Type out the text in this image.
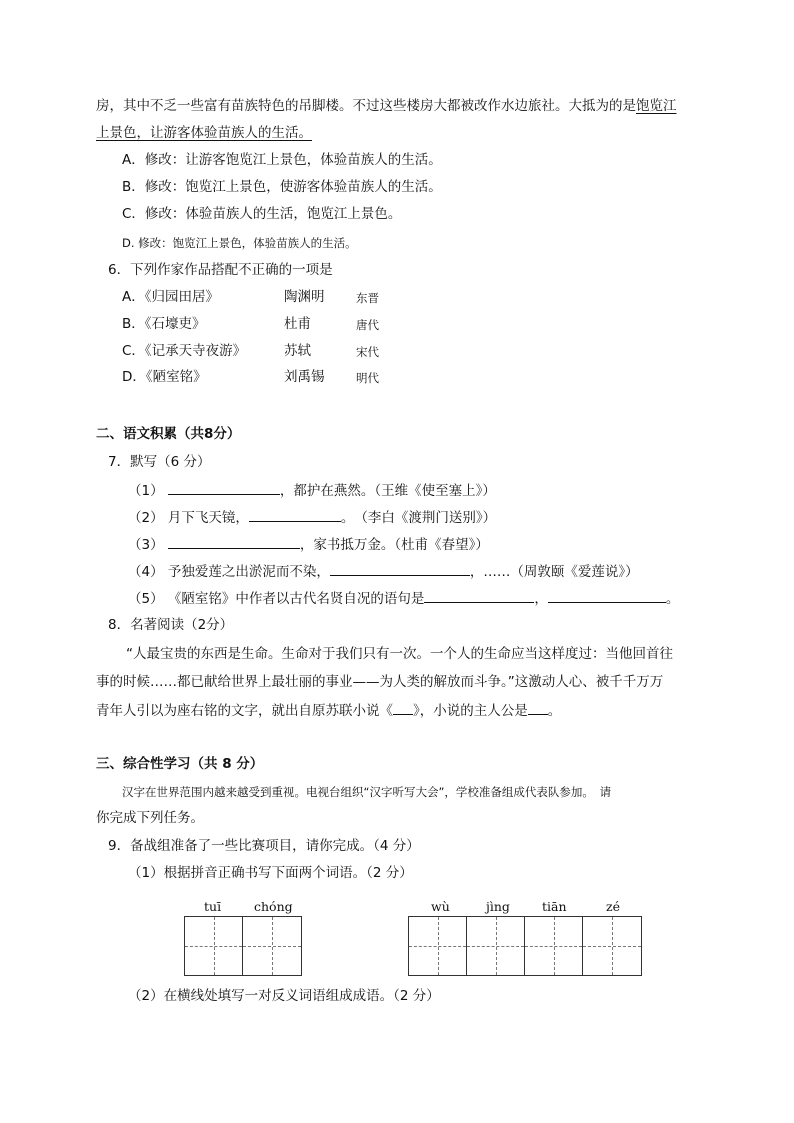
房，其中不乏一些富有苗族特色的吊脚楼。不过这些楼房大都被改作水边旅社。大抵为的是饱览江
上景色，让游客体验苗族人的生活。
A．修改：让游客饱览江上景色，体验苗族人的生活。
B．修改：饱览江上景色，使游客体验苗族人的生活。
C．修改：体验苗族人的生活，饱览江上景色。
D. 修改：饱览江上景色，体验苗族人的生活。
6．下列作家作品搭配不正确的一项是
A．《归园田居》	陶渊明	东晋
B．《石壕吏》	杜甫	唐代
C．《记承天寺夜游》	苏轼	宋代
D．《陋室铭》	刘禹锡	明代
二、语文积累（共8分）
7．默写（6 分）
（1）	，都护在燕然。（王维《使至塞上》）
（2） 月下飞天镜，	。　（李白《渡荆门送别》）
（3）	，家书抵万金。（杜甫《春望》）
（4） 予独爱莲之出淤泥而不染，	，……（周敦颐《爱莲说》）
（5） 《陋室铭》中作者以古代名贤自况的语句是	，	。
8．名著阅读（2分）
“人最宝贵的东西是生命。生命对于我们只有一次。一个人的生命应当这样度过：当他回首往
事的时候……都已献给世界上最壮丽的事业——为人类的解放而斗争。”这激动人心、被千千万万
青年人引以为座右铭的文字，就出自原苏联小说《 》，小说的主人公是 。
三、综合性学习（共 8 分）
汉字在世界范围内越来越受到重视。电视台组织“汉字听写大会”，学校准备组成代表队参加。　请
你完成下列任务。
9．备战组准备了一些比赛项目，请你完成。（4 分）
（1）根据拼音正确书写下面两个词语。（2 分）
tuī	chóng	wù	jìng	tiān	zé
（2）在横线处填写一对反义词语组成成语。（2 分）
